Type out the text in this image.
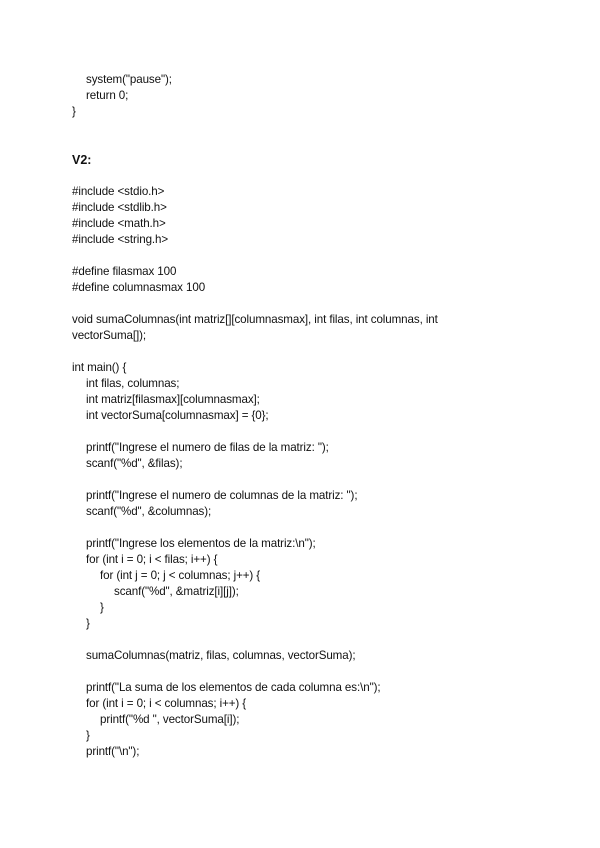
system("pause");
return 0;
}
V2:
#include <stdio.h>
#include <stdlib.h>
#include <math.h>
#include <string.h>
#define filasmax 100
#define columnasmax 100
void sumaColumnas(int matriz[][columnasmax], int filas, int columnas, int
vectorSuma[]);
int main() {
int filas, columnas;
int matriz[filasmax][columnasmax];
int vectorSuma[columnasmax] = {0};
printf("Ingrese el numero de filas de la matriz: ");
scanf("%d", &filas);
printf("Ingrese el numero de columnas de la matriz: ");
scanf("%d", &columnas);
printf("Ingrese los elementos de la matriz:\n");
for (int i = 0; i < filas; i++) {
for (int j = 0; j < columnas; j++) {
scanf("%d", &matriz[i][j]);
}
}
sumaColumnas(matriz, filas, columnas, vectorSuma);
printf("La suma de los elementos de cada columna es:\n");
for (int i = 0; i < columnas; i++) {
printf("%d ", vectorSuma[i]);
}
printf("\n");
